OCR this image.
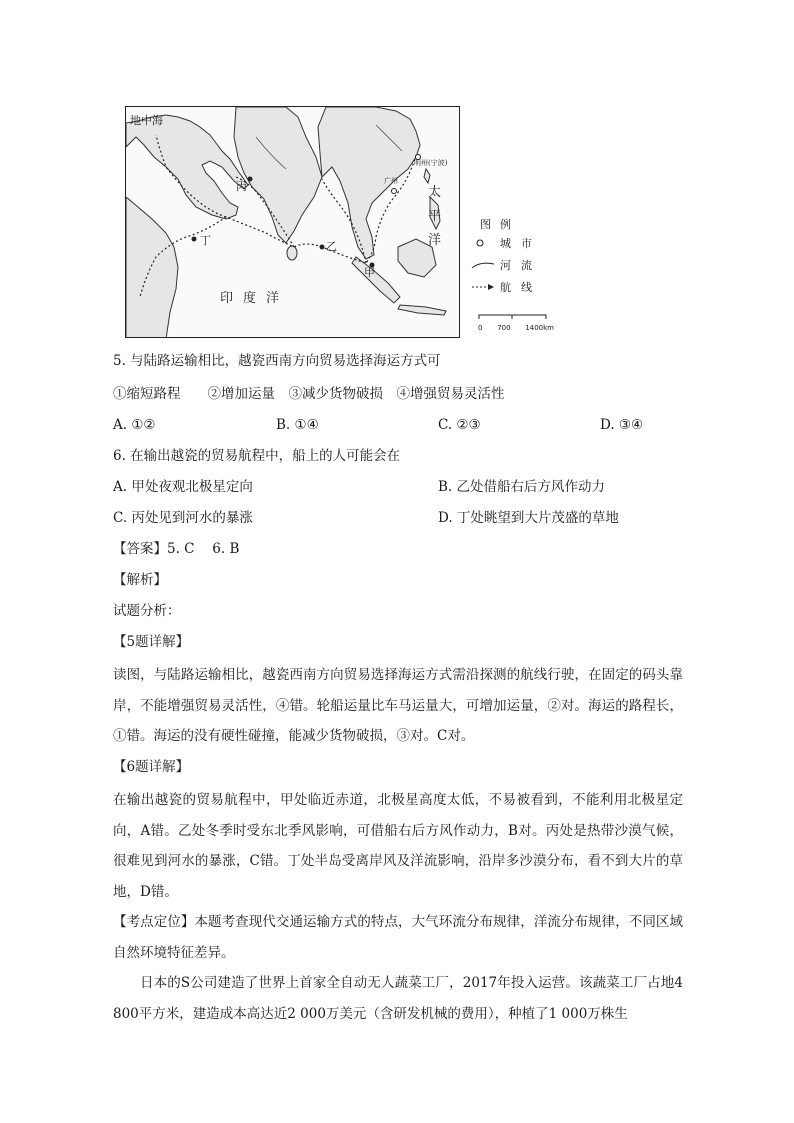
地中海
明州(宁波)
广州
丙
丁	乙
甲
太平洋
印度洋
图例
城市
河流
航线
0 700 1400km
5. 与陆路运输相比，越瓷西南方向贸易选择海运方式可
①缩短路程　　②增加运量　③减少货物破损　④增强贸易灵活性
A. ①②	B. ①④	C. ②③	D. ③④
6. 在输出越瓷的贸易航程中，船上的人可能会在
A. 甲处夜观北极星定向	B. 乙处借船右后方风作动力
C. 丙处见到河水的暴涨	D. 丁处眺望到大片茂盛的草地
【答案】5. C　 6. B
【解析】
试题分析：
【5题详解】
读图，与陆路运输相比，越瓷西南方向贸易选择海运方式需沿探测的航线行驶，在固定的码头靠岸，不能增强贸易灵活性，④错。轮船运量比车马运量大，可增加运量，②对。海运的路程长，①错。海运的没有硬性碰撞，能减少货物破损，③对。C对。
【6题详解】
在输出越瓷的贸易航程中，甲处临近赤道，北极星高度太低，不易被看到，不能利用北极星定向，A错。乙处冬季时受东北季风影响，可借船右后方风作动力，B对。丙处是热带沙漠气候，很难见到河水的暴涨，C错。丁处半岛受离岸风及洋流影响，沿岸多沙漠分布，看不到大片的草地，D错。
【考点定位】本题考查现代交通运输方式的特点，大气环流分布规律，洋流分布规律，不同区域自然环境特征差异。
日本的S公司建造了世界上首家全自动无人蔬菜工厂，2017年投入运营。该蔬菜工厂占地4 800平方米，建造成本高达近2 000万美元（含研发机械的费用），种植了1 000万株生
